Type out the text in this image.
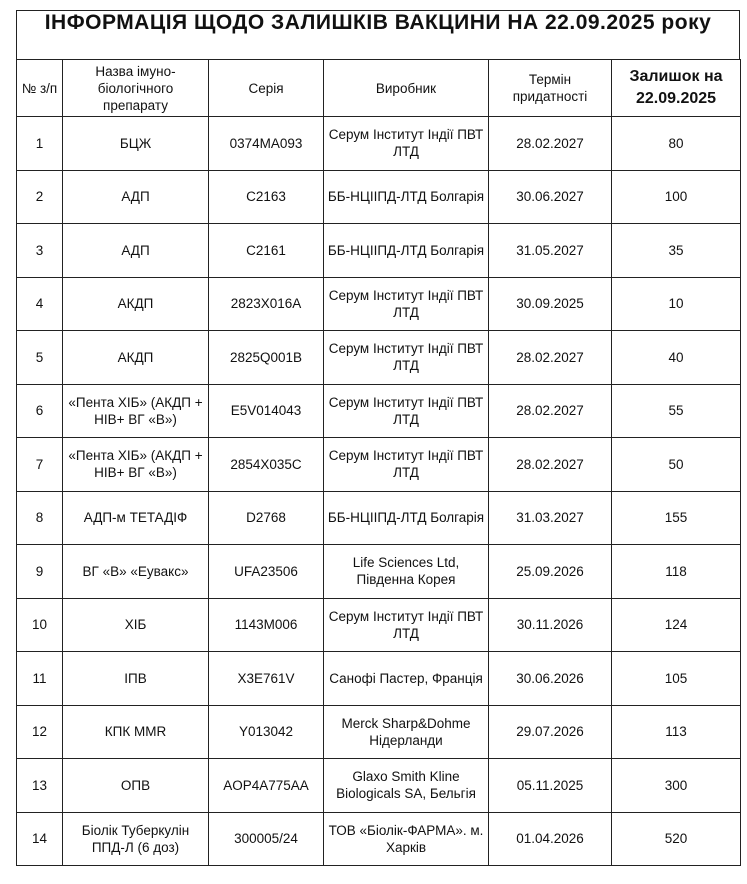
ІНФОРМАЦІЯ ЩОДО ЗАЛИШКІВ ВАКЦИНИ НА 22.09.2025 року
№ з/п	Назва імуно-біологічного препарату	Серія	Виробник	Термін придатності	Залишок на 22.09.2025
1	БЦЖ	0374MA093	Серум Інститут Індії ПВТ ЛТД	28.02.2027	80
2	АДП	C2163	ББ-НЦІІПД-ЛТД Болгарія	30.06.2027	100
3	АДП	C2161	ББ-НЦІІПД-ЛТД Болгарія	31.05.2027	35
4	АКДП	2823X016A	Серум Інститут Індії ПВТ ЛТД	30.09.2025	10
5	АКДП	2825Q001B	Серум Інститут Індії ПВТ ЛТД	28.02.2027	40
6	«Пента ХІБ» (АКДП + НІВ+ ВГ «В»)	E5V014043	Серум Інститут Індії ПВТ ЛТД	28.02.2027	55
7	«Пента ХІБ» (АКДП + НІВ+ ВГ «В»)	2854X035C	Серум Інститут Індії ПВТ ЛТД	28.02.2027	50
8	АДП-м ТЕТАДІФ	D2768	ББ-НЦІІПД-ЛТД Болгарія	31.03.2027	155
9	ВГ «В» «Еувакс»	UFA23506	Life Sciences Ltd, Південна Корея	25.09.2026	118
10	ХІБ	1143M006	Серум Інститут Індії ПВТ ЛТД	30.11.2026	124
11	ІПВ	X3E761V	Санофі Пастер, Франція	30.06.2026	105
12	КПК MMR	Y013042	Merck Sharp&Dohme Нідерланди	29.07.2026	113
13	ОПВ	AOP4A775AA	Glaxo Smith Kline Biologicals SA, Бельгія	05.11.2025	300
14	Біолік Туберкулін ППД-Л (6 доз)	300005/24	ТОВ «Біолік-ФАРМА». м. Харків	01.04.2026	520
